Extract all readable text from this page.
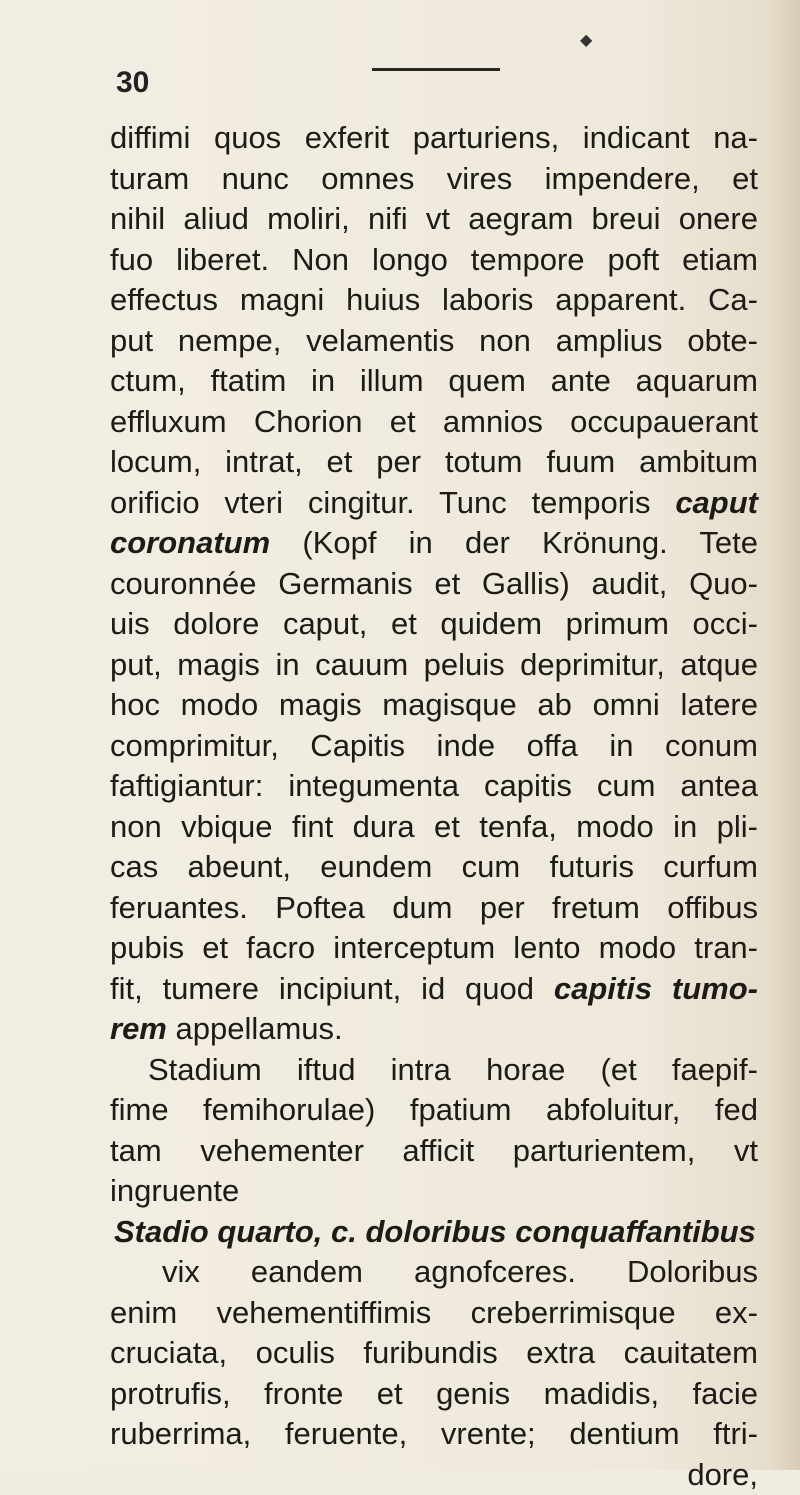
◆
30
diffimi quos exferit parturiens, indicant na-
turam nunc omnes vires impendere, et
nihil aliud moliri, nifi vt aegram breui onere
fuo liberet. Non longo tempore poft etiam
effectus magni huius laboris apparent. Ca-
put nempe, velamentis non amplius obte-
ctum, ftatim in illum quem ante aquarum
effluxum Chorion et amnios occupauerant
locum, intrat, et per totum fuum ambitum
orificio vteri cingitur. Tunc temporis caput
coronatum (Kopf in der Krönung. Tete
couronnée Germanis et Gallis) audit, Quo-
uis dolore caput, et quidem primum occi-
put, magis in cauum peluis deprimitur, atque
hoc modo magis magisque ab omni latere
comprimitur, Capitis inde offa in conum
faftigiantur: integumenta capitis cum antea
non vbique fint dura et tenfa, modo in pli-
cas abeunt, eundem cum futuris curfum
feruantes. Poftea dum per fretum offibus
pubis et facro interceptum lento modo tran-
fit, tumere incipiunt, id quod capitis tumo-
rem appellamus.
Stadium iftud intra horae (et faepif-
fime femihorulae) fpatium abfoluitur, fed
tam vehementer afficit parturientem, vt
ingruente
Stadio quarto, c. doloribus conquaffantibus
vix eandem agnofceres. Doloribus
enim vehementiffimis creberrimisque ex-
cruciata, oculis furibundis extra cauitatem
protrufis, fronte et genis madidis, facie
ruberrima, feruente, vrente; dentium ftri-
dore,
